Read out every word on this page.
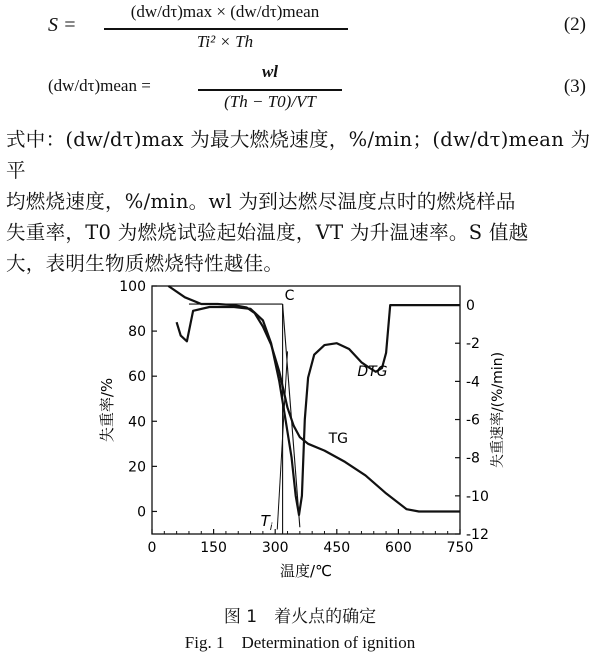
S =
(dw/dτ)max × (dw/dτ)mean
Ti² × Th
(2)
(dw/dτ)mean =
wl
(Th − T0)/VT
(3)
式中：(dw/dτ)max 为最大燃烧速度，%/min；(dw/dτ)mean 为平
均燃烧速度，%/min。wl 为到达燃尽温度点时的燃烧样品
失重率，T0 为燃烧试验起始温度，VT 为升温速率。S 值越
大，表明生物质燃烧特性越佳。
0	150 300 450 600 750
0
20
40
60
80
100
0
-2
-4
-6
-8
-10
-12
温度/℃
失重率/%	失重速率/(%/min)
C
DTG
TG
$T_i$
图 1　着火点的确定
Fig. 1　Determination of ignition
